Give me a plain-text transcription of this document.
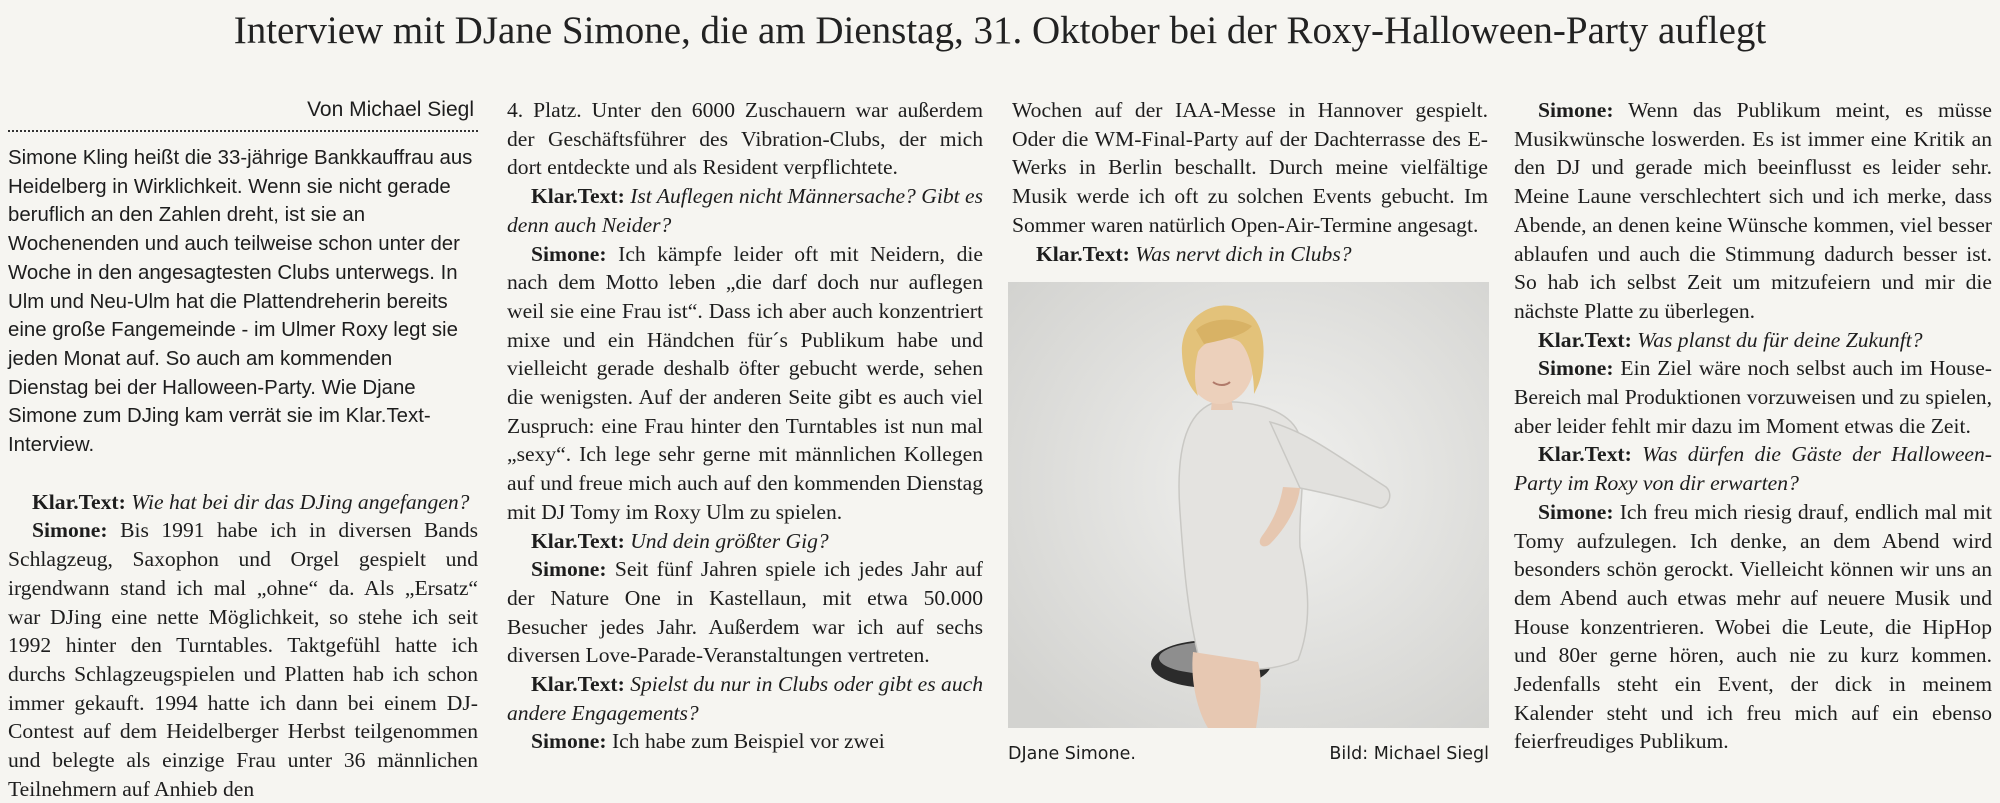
Interview mit DJane Simone, die am Dienstag, 31. Oktober bei der Roxy-Halloween-Party auflegt
Von Michael Siegl

Simone Kling heißt die 33-jährige Bankkauffrau aus Heidelberg in Wirklichkeit. Wenn sie nicht gerade beruflich an den Zahlen dreht, ist sie an Wochenenden und auch teilweise schon unter der Woche in den angesagtesten Clubs unterwegs. In Ulm und Neu-Ulm hat die Plattendreherin bereits eine große Fangemeinde - im Ulmer Roxy legt sie jeden Monat auf. So auch am kommenden Dienstag bei der Halloween-Party. Wie Djane Simone zum DJing kam verrät sie im Klar.Text-Interview.

Klar.Text: Wie hat bei dir das DJing angefangen?

Simone: Bis 1991 habe ich in diversen Bands Schlagzeug, Saxophon und Orgel gespielt und irgendwann stand ich mal „ohne“ da. Als „Ersatz“ war DJing eine nette Möglichkeit, so stehe ich seit 1992 hinter den Turntables. Taktgefühl hatte ich durchs Schlagzeugspielen und Platten hab ich schon immer gekauft. 1994 hatte ich dann bei einem DJ-Contest auf dem Heidelberger Herbst teilgenommen und belegte als einzige Frau unter 36 männlichen Teilnehmern auf Anhieb den

4. Platz. Unter den 6000 Zuschauern war außerdem der Geschäftsführer des Vibration-Clubs, der mich dort entdeckte und als Resident verpflichtete.

Klar.Text: Ist Auflegen nicht Männersache? Gibt es denn auch Neider?

Simone: Ich kämpfe leider oft mit Neidern, die nach dem Motto leben „die darf doch nur auflegen weil sie eine Frau ist“. Dass ich aber auch konzentriert mixe und ein Händchen für´s Publikum habe und vielleicht gerade deshalb öfter gebucht werde, sehen die wenigsten. Auf der anderen Seite gibt es auch viel Zuspruch: eine Frau hinter den Turntables ist nun mal „sexy“. Ich lege sehr gerne mit männlichen Kollegen auf und freue mich auch auf den kommenden Dienstag mit DJ Tomy im Roxy Ulm zu spielen.

Klar.Text: Und dein größter Gig?

Simone: Seit fünf Jahren spiele ich jedes Jahr auf der Nature One in Kastellaun, mit etwa 50.000 Besucher jedes Jahr. Außerdem war ich auf sechs diversen Love-Parade-Veranstaltungen vertreten.

Klar.Text: Spielst du nur in Clubs oder gibt es auch andere Engagements?

Simone: Ich habe zum Beispiel vor zwei

Wochen auf der IAA-Messe in Hannover gespielt. Oder die WM-Final-Party auf der Dachterrasse des E-Werks in Berlin beschallt. Durch meine vielfältige Musik werde ich oft zu solchen Events gebucht. Im Sommer waren natürlich Open-Air-Termine angesagt.

Klar.Text: Was nervt dich in Clubs?

DJane Simone.	Bild: Michael Siegl

Simone: Wenn das Publikum meint, es müsse Musikwünsche loswerden. Es ist immer eine Kritik an den DJ und gerade mich beeinflusst es leider sehr. Meine Laune verschlechtert sich und ich merke, dass Abende, an denen keine Wünsche kommen, viel besser ablaufen und auch die Stimmung dadurch besser ist. So hab ich selbst Zeit um mitzufeiern und mir die nächste Platte zu überlegen.

Klar.Text: Was planst du für deine Zukunft?

Simone: Ein Ziel wäre noch selbst auch im House-Bereich mal Produktionen vorzuweisen und zu spielen, aber leider fehlt mir dazu im Moment etwas die Zeit.

Klar.Text: Was dürfen die Gäste der Halloween-Party im Roxy von dir erwarten?

Simone: Ich freu mich riesig drauf, endlich mal mit Tomy aufzulegen. Ich denke, an dem Abend wird besonders schön gerockt. Vielleicht können wir uns an dem Abend auch etwas mehr auf neuere Musik und House konzentrieren. Wobei die Leute, die HipHop und 80er gerne hören, auch nie zu kurz kommen. Jedenfalls steht ein Event, der dick in meinem Kalender steht und ich freu mich auf ein ebenso feierfreudiges Publikum.
